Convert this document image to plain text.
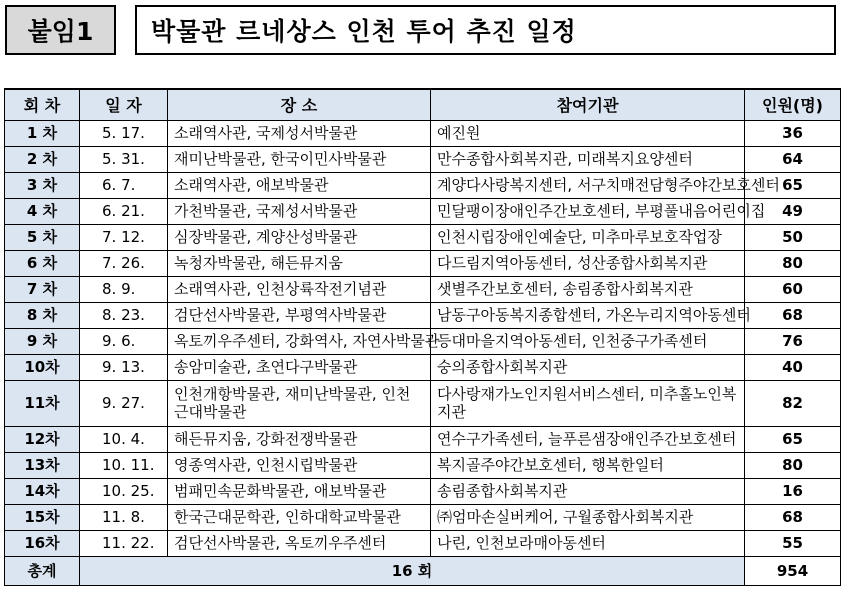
붙임1	박물관 르네상스 인천 투어 추진 일정
회 차	일 자	장 소	참여기관	인원(명)
1 차	5. 17.	소래역사관, 국제성서박물관	예진원	36
2 차	5. 31.	재미난박물관, 한국이민사박물관	만수종합사회복지관, 미래복지요양센터	64
3 차	6. 7.	소래역사관, 애보박물관	계양다사랑복지센터, 서구치매전담형주야간보호센터	65
4 차	6. 21.	가천박물관, 국제성서박물관	민달팽이장애인주간보호센터, 부평풀내음어린이집	49
5 차	7. 12.	심장박물관, 계양산성박물관	인천시립장애인예술단, 미추마루보호작업장	50
6 차	7. 26.	녹청자박물관, 해든뮤지움	다드림지역아동센터, 성산종합사회복지관	80
7 차	8. 9.	소래역사관, 인천상륙작전기념관	샛별주간보호센터, 송림종합사회복지관	60
8 차	8. 23.	검단선사박물관, 부평역사박물관	남동구아동복지종합센터, 가온누리지역아동센터	68
9 차	9. 6.	옥토끼우주센터, 강화역사, 자연사박물관	등대마을지역아동센터, 인천중구가족센터	76
10차	9. 13.	송암미술관, 초연다구박물관	숭의종합사회복지관	40
11차	9. 27.	인천개항박물관, 재미난박물관, 인천근대박물관	다사랑재가노인지원서비스센터, 미추홀노인복지관	82
12차	10. 4.	해든뮤지움, 강화전쟁박물관	연수구가족센터, 늘푸른샘장애인주간보호센터	65
13차	10. 11.	영종역사관, 인천시립박물관	복지골주야간보호센터, 행복한일터	80
14차	10. 25.	범패민속문화박물관, 애보박물관	송림종합사회복지관	16
15차	11. 8.	한국근대문학관, 인하대학교박물관	㈜엄마손실버케어, 구월종합사회복지관	68
16차	11. 22.	검단선사박물관, 옥토끼우주센터	나린, 인천보라매아동센터	55
총계	16 회			954
